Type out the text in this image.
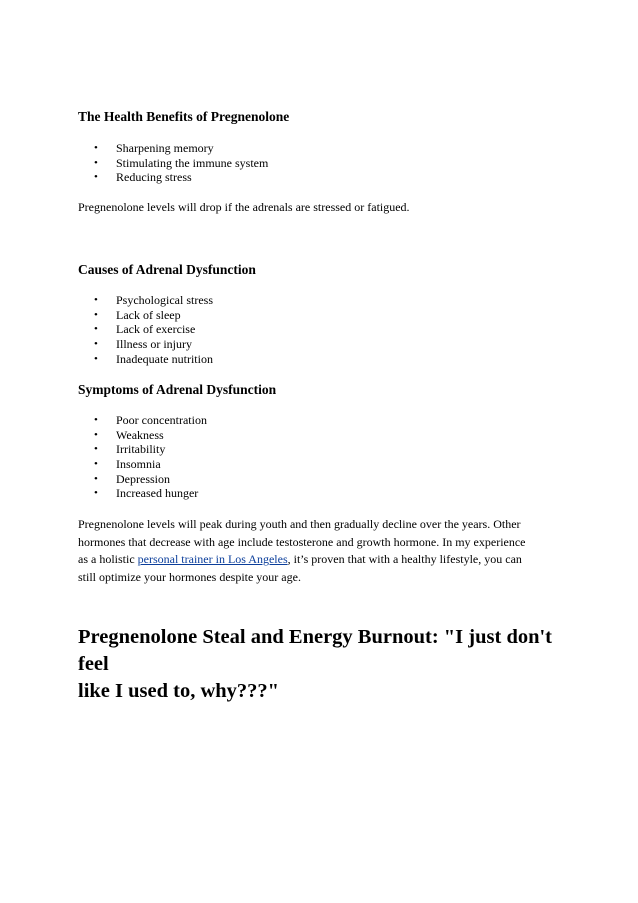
The Health Benefits of Pregnenolone
• Sharpening memory
• Stimulating the immune system
• Reducing stress

Pregnenolone levels will drop if the adrenals are stressed or fatigued.

Causes of Adrenal Dysfunction
• Psychological stress
• Lack of sleep
• Lack of exercise
• Illness or injury
• Inadequate nutrition
Symptoms of Adrenal Dysfunction
• Poor concentration
• Weakness
• Irritability
• Insomnia
• Depression
• Increased hunger

Pregnenolone levels will peak during youth and then gradually decline over the years. Other
hormones that decrease with age include testosterone and growth hormone. In my experience
as a holistic personal trainer in Los Angeles, it’s proven that with a healthy lifestyle, you can
still optimize your hormones despite your age.

Pregnenolone Steal and Energy Burnout: "I just don't feel
like I used to, why???"
